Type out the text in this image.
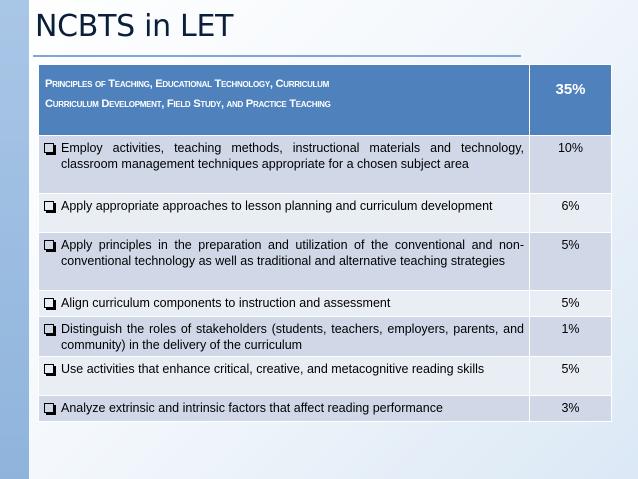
NCBTS in LET
Principles of Teaching, Educational Technology, Curriculum
Curriculum Development, Field Study, and Practice Teaching	35%

Employ activities, teaching methods, instructional materials and technology, classroom management techniques appropriate for a chosen subject area	10%

Apply appropriate approaches to lesson planning and curriculum development	6%

Apply principles in the preparation and utilization of the conventional and non-conventional technology as well as traditional and alternative teaching strategies	5%

Align curriculum components to instruction and assessment	5%

Distinguish the roles of stakeholders (students, teachers, employers, parents, and community) in the delivery of the curriculum	1%

Use activities that enhance critical, creative, and metacognitive reading skills	5%

Analyze extrinsic and intrinsic factors that affect reading performance	3%
